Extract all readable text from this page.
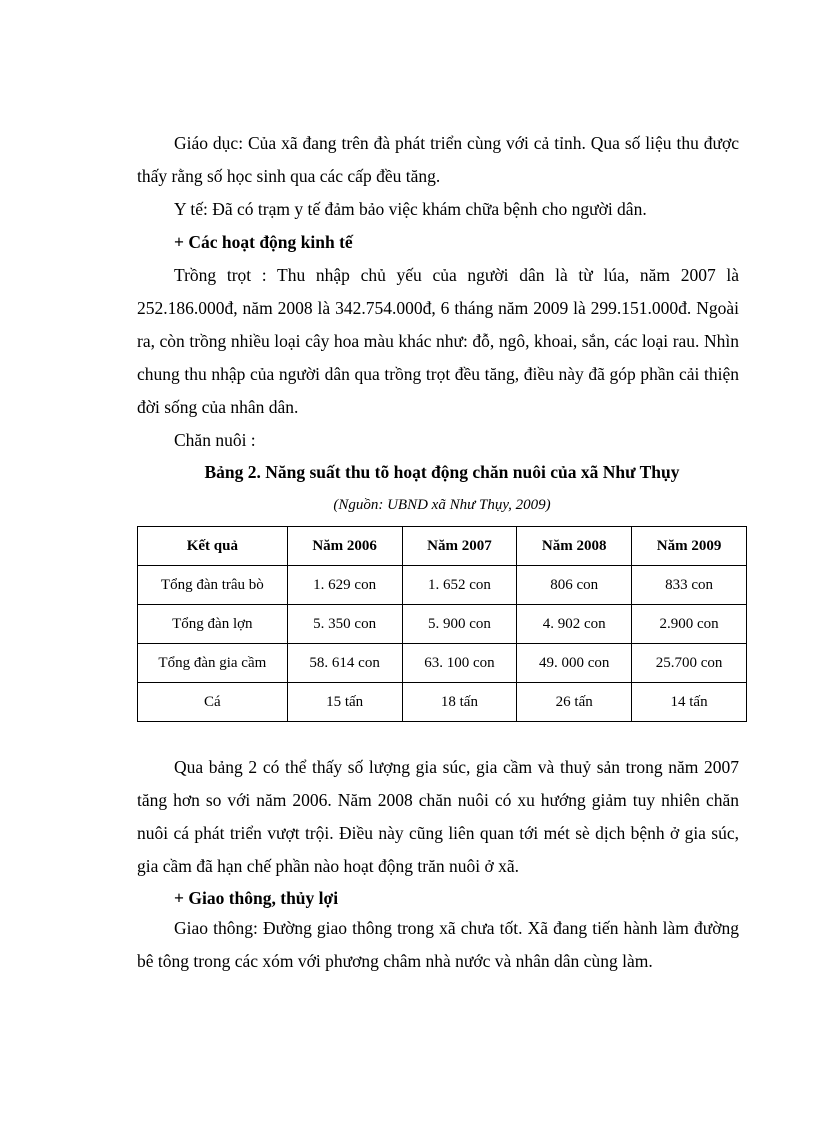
Giáo dục: Của xã đang trên đà phát triển cùng với cả tỉnh. Qua số liệu thu được thấy rằng số học sinh qua các cấp đều tăng.

Y tế: Đã có trạm y tế đảm bảo việc khám chữa bệnh cho người dân.

+ Các hoạt động kinh tế

Trồng trọt : Thu nhập chủ yếu của người dân là từ lúa, năm 2007 là 252.186.000đ, năm 2008 là 342.754.000đ, 6 tháng năm 2009 là 299.151.000đ. Ngoài ra, còn trồng nhiều loại cây hoa màu khác như: đỗ, ngô, khoai, sắn, các loại rau. Nhìn chung thu nhập của người dân qua trồng trọt đều tăng, điều này đã góp phần cải thiện đời sống của nhân dân.

Chăn nuôi :

Bảng 2. Năng suất thu tõ hoạt động chăn nuôi của xã Như Thụy

(Nguồn: UBND xã Như Thụy, 2009)

Kết quả	Năm 2006	Năm 2007	Năm 2008	Năm 2009
Tổng đàn trâu bò	1. 629 con	1. 652 con	806 con	833 con
Tổng đàn lợn	5. 350 con	5. 900 con	4. 902 con	2.900 con
Tổng đàn gia cầm	58. 614 con	63. 100 con	49. 000 con	25.700 con
Cá	15 tấn	18 tấn	26 tấn	14 tấn

Qua bảng 2 có thể thấy số lượng gia súc, gia cầm và thuỷ sản trong năm 2007 tăng hơn so với năm 2006. Năm 2008 chăn nuôi có xu hướng giảm tuy nhiên chăn nuôi cá phát triển vượt trội. Điều này cũng liên quan tới mét sè dịch bệnh ở gia súc, gia cầm đã hạn chế phần nào hoạt động trăn nuôi ở xã.

+ Giao thông, thủy lợi

Giao thông: Đường giao thông trong xã chưa tốt. Xã đang tiến hành làm đường bê tông trong các xóm với phương châm nhà nước và nhân dân cùng làm.
